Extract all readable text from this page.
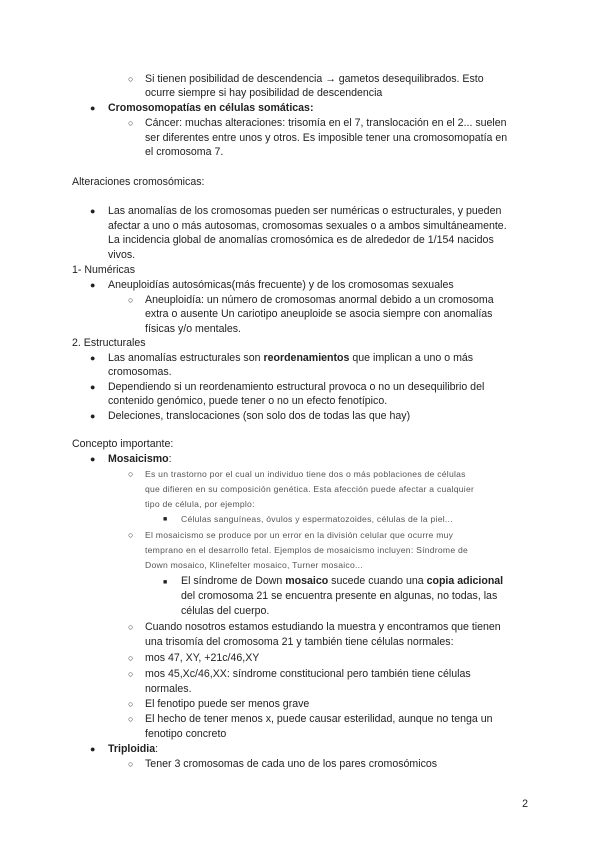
○ Si tienen posibilidad de descendencia → gametos desequilibrados. Esto
ocurre siempre si hay posibilidad de descendencia
● Cromosomopatías en células somáticas:
○ Cáncer: muchas alteraciones: trisomía en el 7, translocación en el 2... suelen
ser diferentes entre unos y otros. Es imposible tener una cromosomopatía en
el cromosoma 7.
Alteraciones cromosómicas:
● Las anomalías de los cromosomas pueden ser numéricas o estructurales, y pueden
afectar a uno o más autosomas, cromosomas sexuales o a ambos simultáneamente.
La incidencia global de anomalías cromosómica es de alrededor de 1/154 nacidos
vivos.
1- Numéricas
● Aneuploidías autosómicas(más frecuente) y de los cromosomas sexuales
○ Aneuploidía: un número de cromosomas anormal debido a un cromosoma
extra o ausente Un cariotipo aneuploide se asocia siempre con anomalías
físicas y/o mentales.
2. Estructurales
● Las anomalías estructurales son reordenamientos que implican a uno o más
cromosomas.
● Dependiendo si un reordenamiento estructural provoca o no un desequilibrio del
contenido genómico, puede tener o no un efecto fenotípico.
● Deleciones, translocaciones (son solo dos de todas las que hay)
Concepto importante:
● Mosaicismo:
○ Es un trastorno por el cual un individuo tiene dos o más poblaciones de células
que difieren en su composición genética. Esta afección puede afectar a cualquier
tipo de célula, por ejemplo:
■ Células sanguíneas, óvulos y espermatozoides, células de la piel...
○ El mosaicismo se produce por un error en la división celular que ocurre muy
temprano en el desarrollo fetal. Ejemplos de mosaicismo incluyen: Síndrome de
Down mosaico, Klinefelter mosaico, Turner mosaico...
■ El síndrome de Down mosaico sucede cuando una copia adicional
del cromosoma 21 se encuentra presente en algunas, no todas, las
células del cuerpo.
○ Cuando nosotros estamos estudiando la muestra y encontramos que tienen
una trisomía del cromosoma 21 y también tiene células normales:
○ mos 47, XY, +21c/46,XY
○ mos 45,Xc/46,XX: síndrome constitucional pero también tiene células
normales.
○ El fenotipo puede ser menos grave
○ El hecho de tener menos x, puede causar esterilidad, aunque no tenga un
fenotipo concreto
● Triploidia:
○ Tener 3 cromosomas de cada uno de los pares cromosómicos
2
